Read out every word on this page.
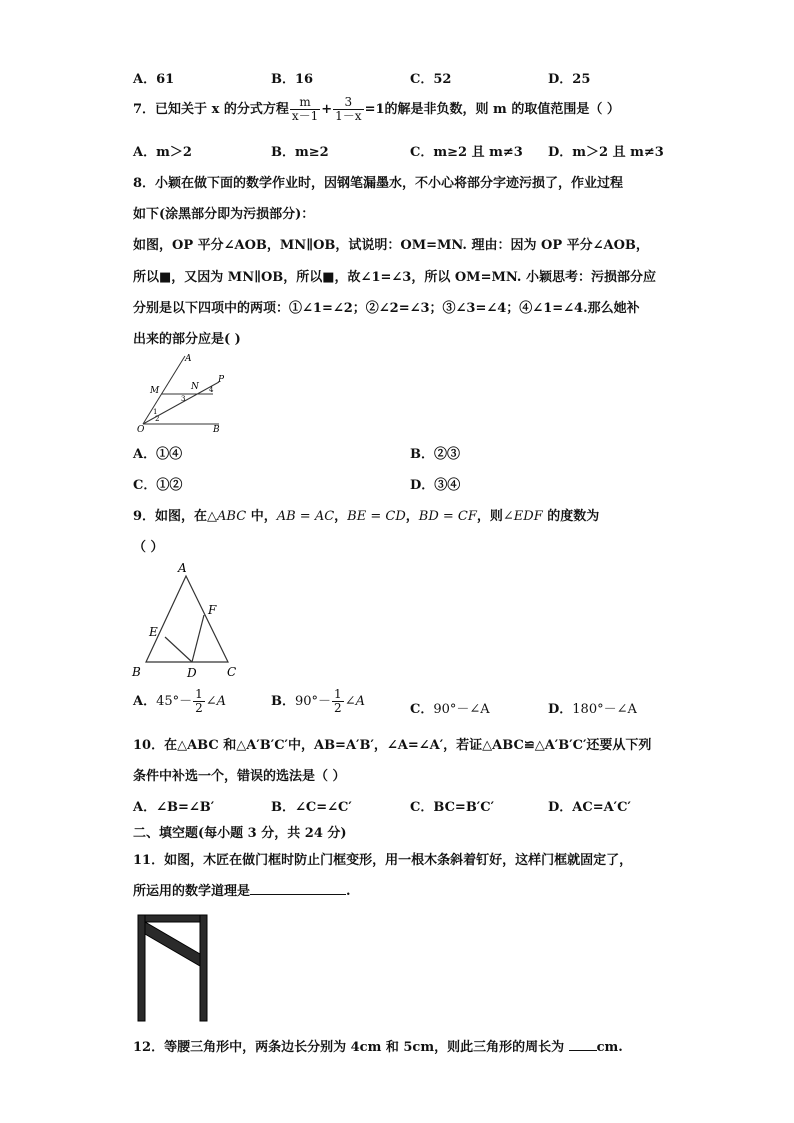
A．61	B．16	C．52	D．25
7．已知关于 x 的分式方程 $\frac{m}{x-1} + \frac{3}{1-x} =1$的解是非负数，则 m 的取值范围是（ ）
A．m＞2	B．m≥2	C．m≥2 且 m≠3 D．m＞2 且 m≠3
8．小颖在做下面的数学作业时，因钢笔漏墨水，不小心将部分字迹污损了，作业过程
如下(涂黑部分即为污损部分)：
如图，OP 平分∠AOB，MN∥OB，试说明：OM=MN. 理由：因为 OP 平分∠AOB，
所以■，又因为 MN∥OB，所以■，故∠1=∠3，所以 OM=MN. 小颖思考：污损部分应
分别是以下四项中的两项：①∠1=∠2；②∠2=∠3；③∠3=∠4；④∠1=∠4.那么她补
出来的部分应是( )
A
M	N
P
O	B
1
2
3
4
A．①④	B．②③
C．①②	D．③④
9．如图，在△ABC 中，AB = AC，BE = CD，BD = CF，则∠EDF 的度数为
（ ）
A
B	C
D
E
F
A．$45^\circ- \frac{1}{2}$ ∠A	B．$90^\circ- \frac{1}{2}$ ∠A
C．90°－∠A	D．180°－∠A
10．在△ABC 和△A′B′C′中，AB=A′B′，∠A=∠A′，若证△ABC≌△A′B′C′还要从下列
条件中补选一个，错误的选法是（ ）
A．∠B=∠B′	B．∠C=∠C′	C．BC=B′C′	D．AC=A′C′
二、填空题(每小题 3 分，共 24 分)
11．如图，木匠在做门框时防止门框变形，用一根木条斜着钉好，这样门框就固定了，
所运用的数学道理是	.
12．等腰三角形中，两条边长分别为 4cm 和 5cm，则此三角形的周长为 cm.
